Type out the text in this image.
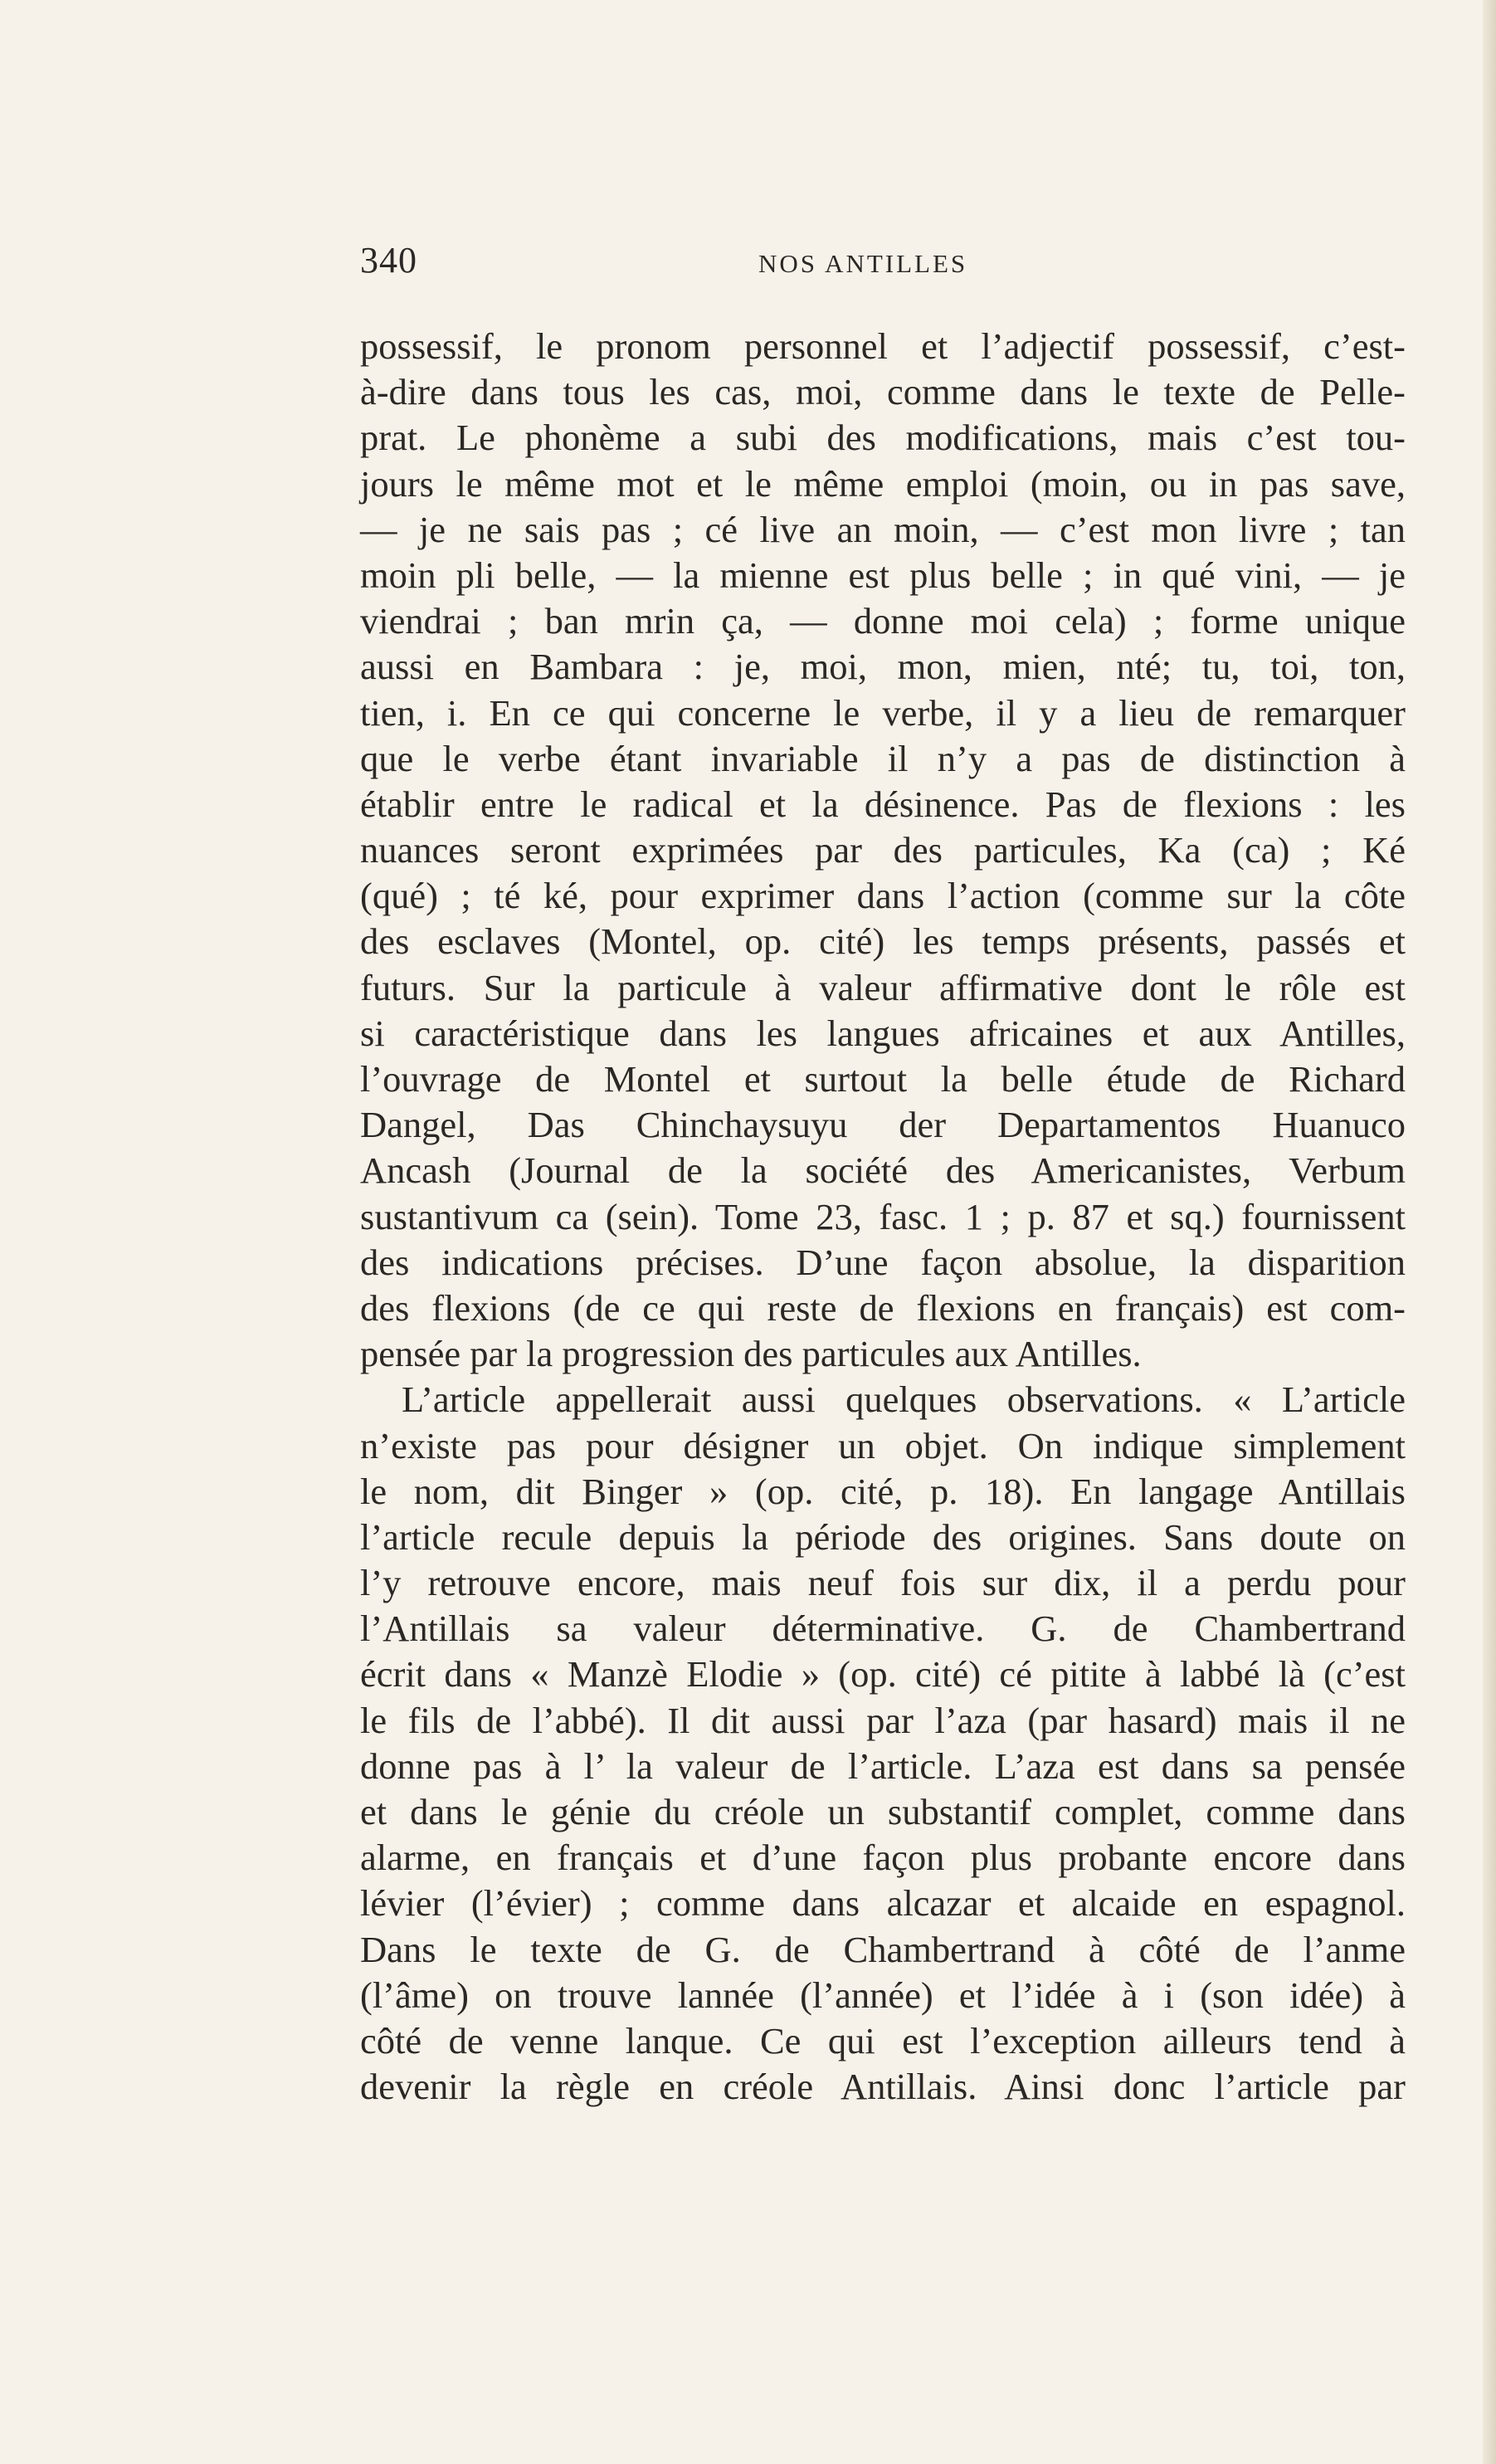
340	NOS ANTILLES
possessif, le pronom personnel et l’adjectif possessif, c’est-
à-dire dans tous les cas, moi, comme dans le texte de Pelle-
prat. Le phonème a subi des modifications, mais c’est tou-
jours le même mot et le même emploi (moin, ou in pas save,
— je ne sais pas ; cé live an moin, — c’est mon livre ; tan
moin pli belle, — la mienne est plus belle ; in qué vini, — je
viendrai ; ban mrin ça, — donne moi cela) ; forme unique
aussi en Bambara : je, moi, mon, mien, nté; tu, toi, ton,
tien, i. En ce qui concerne le verbe, il y a lieu de remarquer
que le verbe étant invariable il n’y a pas de distinction à
établir entre le radical et la désinence. Pas de flexions : les
nuances seront exprimées par des particules, Ka (ca) ; Ké
(qué) ; té ké, pour exprimer dans l’action (comme sur la côte
des esclaves (Montel, op. cité) les temps présents, passés et
futurs. Sur la particule à valeur affirmative dont le rôle est
si caractéristique dans les langues africaines et aux Antilles,
l’ouvrage de Montel et surtout la belle étude de Richard
Dangel, Das Chinchaysuyu der Departamentos Huanuco
Ancash (Journal de la société des Americanistes, Verbum
sustantivum ca (sein). Tome 23, fasc. 1 ; p. 87 et sq.) fournissent
des indications précises. D’une façon absolue, la disparition
des flexions (de ce qui reste de flexions en français) est com-
pensée par la progression des particules aux Antilles.
L’article appellerait aussi quelques observations. « L’article
n’existe pas pour désigner un objet. On indique simplement
le nom, dit Binger » (op. cité, p. 18). En langage Antillais
l’article recule depuis la période des origines. Sans doute on
l’y retrouve encore, mais neuf fois sur dix, il a perdu pour
l’Antillais sa valeur déterminative. G. de Chambertrand
écrit dans « Manzè Elodie » (op. cité) cé pitite à labbé là (c’est
le fils de l’abbé). Il dit aussi par l’aza (par hasard) mais il ne
donne pas à l’ la valeur de l’article. L’aza est dans sa pensée
et dans le génie du créole un substantif complet, comme dans
alarme, en français et d’une façon plus probante encore dans
lévier (l’évier) ; comme dans alcazar et alcaide en espagnol.
Dans le texte de G. de Chambertrand à côté de l’anme
(l’âme) on trouve lannée (l’année) et l’idée à i (son idée) à
côté de venne lanque. Ce qui est l’exception ailleurs tend à
devenir la règle en créole Antillais. Ainsi donc l’article par
